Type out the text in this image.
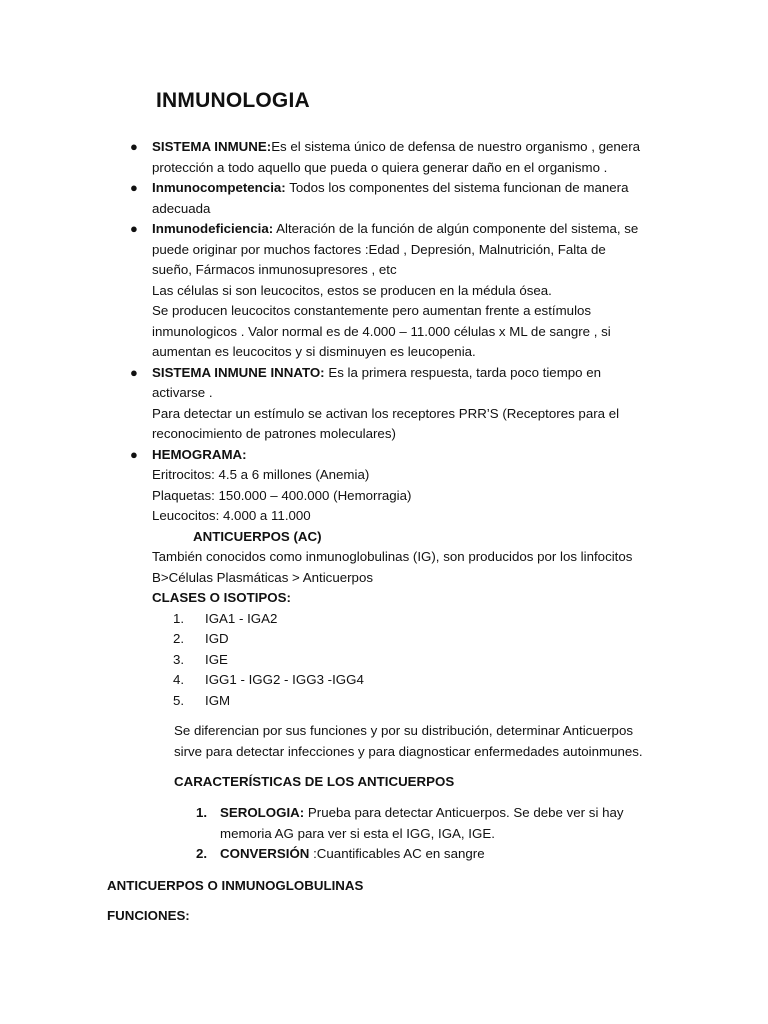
INMUNOLOGIA
● SISTEMA INMUNE:Es el sistema único de defensa de nuestro organismo , genera
protección a todo aquello que pueda o quiera generar daño en el organismo .
● Inmunocompetencia: Todos los componentes del sistema funcionan de manera
adecuada
● Inmunodeficiencia: Alteración de la función de algún componente del sistema, se
puede originar por muchos factores :Edad , Depresión, Malnutrición, Falta de
sueño, Fármacos inmunosupresores , etc
Las células si son leucocitos, estos se producen en la médula ósea.
Se producen leucocitos constantemente pero aumentan frente a estímulos
inmunologicos . Valor normal es de 4.000 – 11.000 células x ML de sangre , si
aumentan es leucocitos y si disminuyen es leucopenia.
● SISTEMA INMUNE INNATO: Es la primera respuesta, tarda poco tiempo en
activarse .
Para detectar un estímulo se activan los receptores PRR’S (Receptores para el
reconocimiento de patrones moleculares)
● HEMOGRAMA:
Eritrocitos: 4.5 a 6 millones (Anemia)
Plaquetas: 150.000 – 400.000 (Hemorragia)
Leucocitos: 4.000 a 11.000
ANTICUERPOS (AC)
También conocidos como inmunoglobulinas (IG), son producidos por los linfocitos
B>Células Plasmáticas > Anticuerpos
CLASES O ISOTIPOS:
1. IGA1 - IGA2
2. IGD
3. IGE
4. IGG1 - IGG2 - IGG3 -IGG4
5. IGM
Se diferencian por sus funciones y por su distribución, determinar Anticuerpos
sirve para detectar infecciones y para diagnosticar enfermedades autoinmunes.
CARACTERÍSTICAS DE LOS ANTICUERPOS
1. SEROLOGIA: Prueba para detectar Anticuerpos. Se debe ver si hay
memoria AG para ver si esta el IGG, IGA, IGE.
2. CONVERSIÓN :Cuantificables AC en sangre
ANTICUERPOS O INMUNOGLOBULINAS
FUNCIONES:
